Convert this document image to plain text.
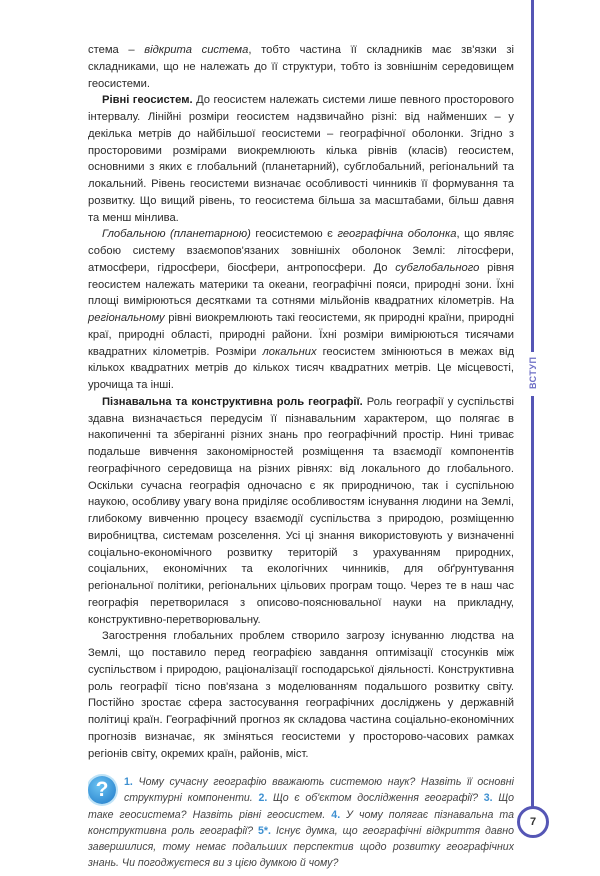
стема – відкрита система, тобто частина її складників має зв'язки зі складниками, що не належать до її структури, тобто із зовнішнім середовищем геосистеми.

Рівні геосистем. До геосистем належать системи лише певного просторового інтервалу. Лінійні розміри геосистем надзвичайно різні: від найменших – у декілька метрів до найбільшої геосистеми – географічної оболонки. Згідно з просторовими розмірами виокремлюють кілька рівнів (класів) геосистем, основними з яких є глобальний (планетарний), субглобальний, регіональний та локальний. Рівень геосистеми визначає особливості чинників її формування та розвитку. Що вищий рівень, то геосистема більша за масштабами, більш давня та менш мінлива.

Глобальною (планетарною) геосистемою є географічна оболонка, що являє собою систему взаємопов'язаних зовнішніх оболонок Землі: літосфери, атмосфери, гідросфери, біосфери, антропосфери. До субглобального рівня геосистем належать материки та океани, географічні пояси, природні зони. Їхні площі вимірюються десятками та сотнями мільйонів квадратних кілометрів. На регіональному рівні виокремлюють такі геосистеми, як природні країни, природні краї, природні області, природні райони. Їхні розміри вимірюються тисячами квадратних кілометрів. Розміри локальних геосистем змінюються в межах від кількох квадратних метрів до кількох тисяч квадратних метрів. Це місцевості, урочища та інші.

Пізнавальна та конструктивна роль географії. Роль географії у суспільстві здавна визначається передусім її пізнавальним характером, що полягає в накопиченні та зберіганні різних знань про географічний простір. Нині триває подальше вивчення закономірностей розміщення та взаємодії компонентів географічного середовища на різних рівнях: від локального до глобального. Оскільки сучасна географія одночасно є як природничою, так і суспільною наукою, особливу увагу вона приділяє особливостям існування людини на Землі, глибокому вивченню процесу взаємодії суспільства з природою, розміщенню виробництва, системам розселення. Усі ці знання використовують у визначенні соціально-економічного розвитку територій з урахуванням природних, соціальних, економічних та екологічних чинників, для обґрунтування регіональної політики, регіональних цільових програм тощо. Через те в наш час географія перетворилася з описово-пояснювальної науки на прикладну, конструктивно-перетворювальну.

Загострення глобальних проблем створило загрозу існуванню людства на Землі, що поставило перед географією завдання оптимізації стосунків між суспільством і природою, раціоналізації господарської діяльності. Конструктивна роль географії тісно пов'язана з моделюванням подальшого розвитку світу. Постійно зростає сфера застосування географічних досліджень у державній політиці країн. Географічний прогноз як складова частина соціально-економічних прогнозів визначає, як зміняться геосистеми у просторово-часових рамках регіонів світу, окремих країн, районів, міст.

?	1. Чому сучасну географію вважають системою наук? Назвіть її основні структурні компоненти. 2. Що є об'єктом дослідження географії? 3. Що таке геосистема? Назвіть рівні геосистем. 4. У чому полягає пізнавальна та конструктивна роль географії? 5*. Існує думка, що географічні відкриття давно завершилися, тому немає подальших перспектив щодо розвитку географічних знань. Чи погоджуєтеся ви з цією думкою й чому?
ВСТУП
7
